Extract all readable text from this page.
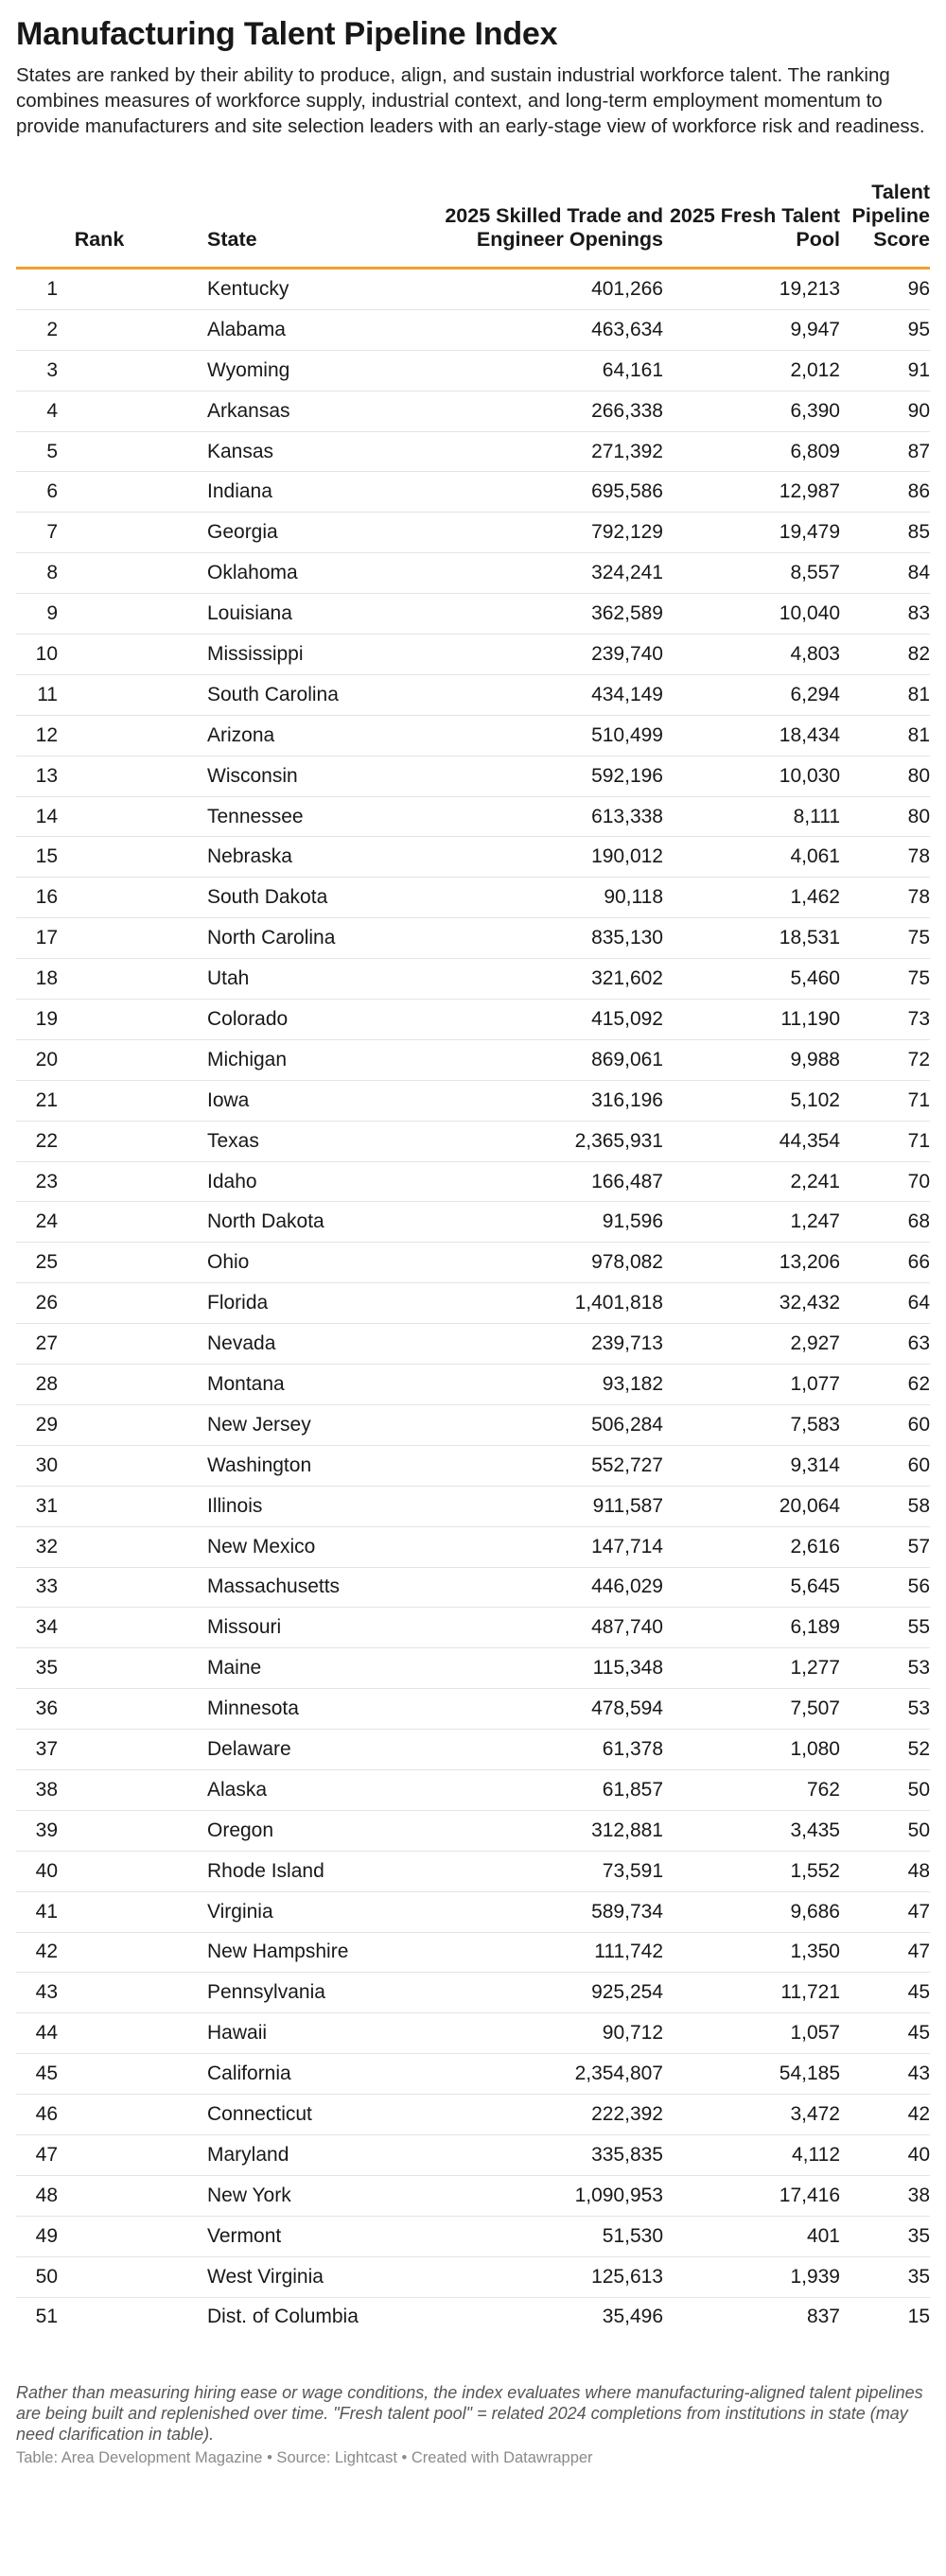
Manufacturing Talent Pipeline Index
States are ranked by their ability to produce, align, and sustain industrial workforce talent. The ranking combines measures of workforce supply, industrial context, and long-term employment momentum to provide manufacturers and site selection leaders with an early-stage view of workforce risk and readiness.
Rank	State	2025 Skilled Trade and Engineer Openings	2025 Fresh Talent Pool	Talent Pipeline Score
1	Kentucky	401,266	19,213	96
2	Alabama	463,634	9,947	95
3	Wyoming	64,161	2,012	91
4	Arkansas	266,338	6,390	90
5	Kansas	271,392	6,809	87
6	Indiana	695,586	12,987	86
7	Georgia	792,129	19,479	85
8	Oklahoma	324,241	8,557	84
9	Louisiana	362,589	10,040	83
10	Mississippi	239,740	4,803	82
11	South Carolina	434,149	6,294	81
12	Arizona	510,499	18,434	81
13	Wisconsin	592,196	10,030	80
14	Tennessee	613,338	8,111	80
15	Nebraska	190,012	4,061	78
16	South Dakota	90,118	1,462	78
17	North Carolina	835,130	18,531	75
18	Utah	321,602	5,460	75
19	Colorado	415,092	11,190	73
20	Michigan	869,061	9,988	72
21	Iowa	316,196	5,102	71
22	Texas	2,365,931	44,354	71
23	Idaho	166,487	2,241	70
24	North Dakota	91,596	1,247	68
25	Ohio	978,082	13,206	66
26	Florida	1,401,818	32,432	64
27	Nevada	239,713	2,927	63
28	Montana	93,182	1,077	62
29	New Jersey	506,284	7,583	60
30	Washington	552,727	9,314	60
31	Illinois	911,587	20,064	58
32	New Mexico	147,714	2,616	57
33	Massachusetts	446,029	5,645	56
34	Missouri	487,740	6,189	55
35	Maine	115,348	1,277	53
36	Minnesota	478,594	7,507	53
37	Delaware	61,378	1,080	52
38	Alaska	61,857	762	50
39	Oregon	312,881	3,435	50
40	Rhode Island	73,591	1,552	48
41	Virginia	589,734	9,686	47
42	New Hampshire	111,742	1,350	47
43	Pennsylvania	925,254	11,721	45
44	Hawaii	90,712	1,057	45
45	California	2,354,807	54,185	43
46	Connecticut	222,392	3,472	42
47	Maryland	335,835	4,112	40
48	New York	1,090,953	17,416	38
49	Vermont	51,530	401	35
50	West Virginia	125,613	1,939	35
51	Dist. of Columbia	35,496	837	15
Rather than measuring hiring ease or wage conditions, the index evaluates where manufacturing-aligned talent pipelines are being built and replenished over time. "Fresh talent pool" = related 2024 completions from institutions in state (may need clarification in table).
Table: Area Development Magazine • Source: Lightcast • Created with Datawrapper
